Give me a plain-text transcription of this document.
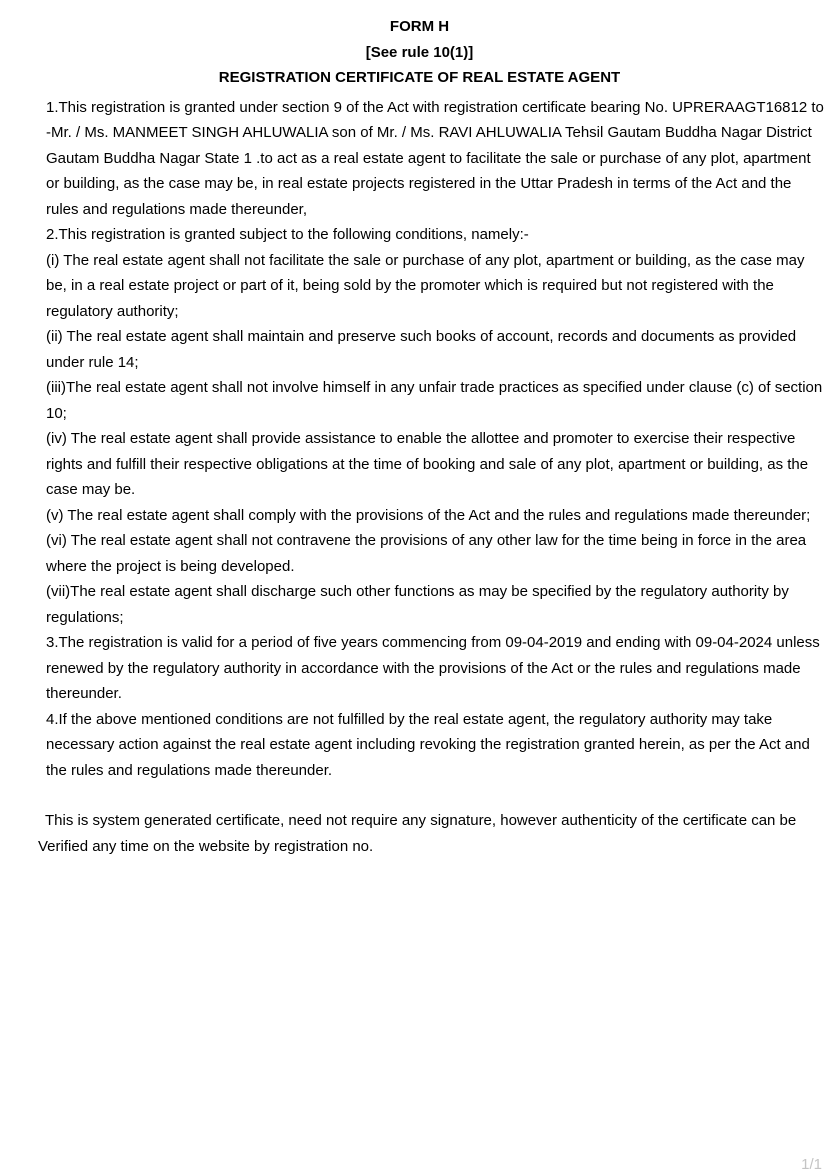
FORM H
[See rule 10(1)]
REGISTRATION CERTIFICATE OF REAL ESTATE AGENT

1.This registration is granted under section 9 of the Act with registration certificate bearing No. UPRERAAGT16812 to -Mr. / Ms. MANMEET SINGH AHLUWALIA son of Mr. / Ms. RAVI AHLUWALIA Tehsil Gautam Buddha Nagar District Gautam Buddha Nagar State 1 .to act as a real estate agent to facilitate the sale or purchase of any plot, apartment or building, as the case may be, in real estate projects registered in the Uttar Pradesh in terms of the Act and the rules and regulations made thereunder,

2.This registration is granted subject to the following conditions, namely:-

(i) The real estate agent shall not facilitate the sale or purchase of any plot, apartment or building, as the case may be, in a real estate project or part of it, being sold by the promoter which is required but not registered with the regulatory authority;

(ii) The real estate agent shall maintain and preserve such books of account, records and documents as provided under rule 14;

(iii)The real estate agent shall not involve himself in any unfair trade practices as specified under clause (c) of section 10;

(iv) The real estate agent shall provide assistance to enable the allottee and promoter to exercise their respective rights and fulfill their respective obligations at the time of booking and sale of any plot, apartment or building, as the case may be.

(v) The real estate agent shall comply with the provisions of the Act and the rules and regulations made thereunder;

(vi) The real estate agent shall not contravene the provisions of any other law for the time being in force in the area where the project is being developed.

(vii)The real estate agent shall discharge such other functions as may be specified by the regulatory authority by regulations;

3.The registration is valid for a period of five years commencing from 09-04-2019 and ending with 09-04-2024 unless renewed by the regulatory authority in accordance with the provisions of the Act or the rules and regulations made thereunder.

4.If the above mentioned conditions are not fulfilled by the real estate agent, the regulatory authority may take necessary action against the real estate agent including revoking the registration granted herein, as per the Act and the rules and regulations made thereunder.

This is system generated certificate, need not require any signature, however authenticity of the certificate can be Verified any time on the website by registration no.

1/1
